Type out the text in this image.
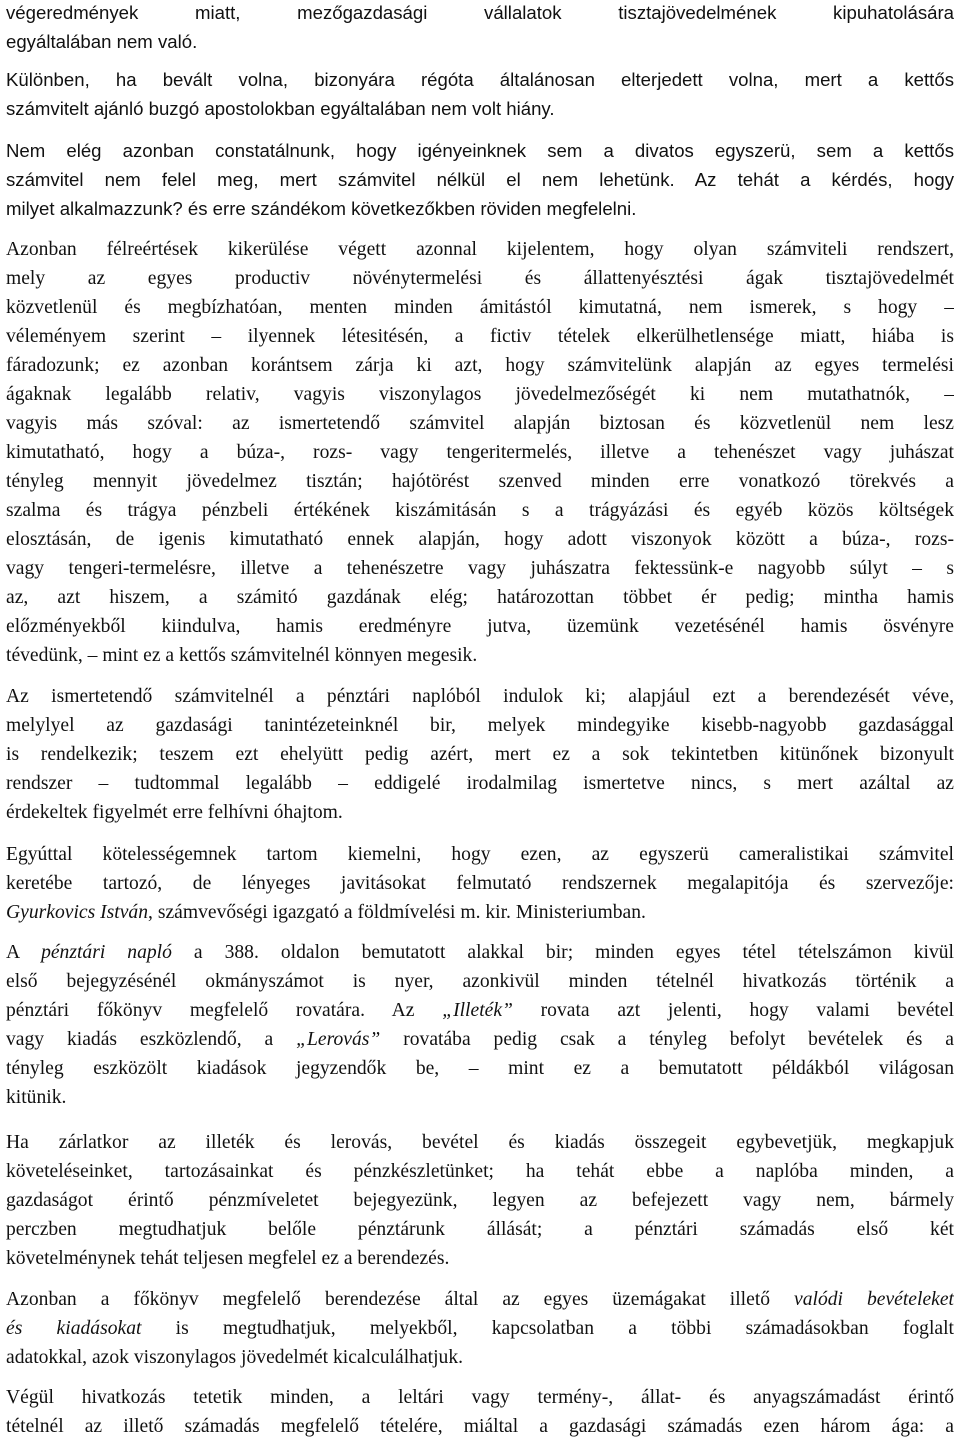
végeredmények miatt, mezőgazdasági vállalatok tisztajövedelmének kipuhatolására
egyáltalában nem való.
Különben, ha bevált volna, bizonyára régóta általánosan elterjedett volna, mert a kettős
számvitelt ajánló buzgó apostolokban egyáltalában nem volt hiány.
Nem elég azonban constatálnunk, hogy igényeinknek sem a divatos egyszerü, sem a kettős
számvitel nem felel meg, mert számvitel nélkül el nem lehetünk. Az tehát a kérdés, hogy
milyet alkalmazzunk? és erre szándékom következőkben röviden megfelelni.
Azonban félreértések kikerülése végett azonnal kijelentem, hogy olyan számviteli rendszert,
mely az egyes productiv növénytermelési és állattenyésztési ágak tisztajövedelmét
közvetlenül és megbízhatóan, menten minden ámitástól kimutatná, nem ismerek, s hogy –
véleményem szerint – ilyennek létesitésén, a fictiv tételek elkerülhetlensége miatt, hiába is
fáradozunk; ez azonban korántsem zárja ki azt, hogy számvitelünk alapján az egyes termelési
ágaknak legalább relativ, vagyis viszonylagos jövedelmezőségét ki nem mutathatnók, –
vagyis más szóval: az ismertetendő számvitel alapján biztosan és közvetlenül nem lesz
kimutatható, hogy a búza-, rozs- vagy tengeritermelés, illetve a tehenészet vagy juhászat
tényleg mennyit jövedelmez tisztán; hajótörést szenved minden erre vonatkozó törekvés a
szalma és trágya pénzbeli értékének kiszámitásán s a trágyázási és egyéb közös költségek
elosztásán, de igenis kimutatható ennek alapján, hogy adott viszonyok között a búza-, rozs-
vagy tengeri-termelésre, illetve a tehenészetre vagy juhászatra fektessünk-e nagyobb súlyt – s
az, azt hiszem, a számitó gazdának elég; határozottan többet ér pedig; mintha hamis
előzményekből kiindulva, hamis eredményre jutva, üzemünk vezetésénél hamis ösvényre
tévedünk, – mint ez a kettős számvitelnél könnyen megesik.
Az ismertetendő számvitelnél a pénztári naplóból indulok ki; alapjául ezt a berendezését véve,
melylyel az gazdasági tanintézeteinknél bir, melyek mindegyike kisebb-nagyobb gazdasággal
is rendelkezik; teszem ezt ehelyütt pedig azért, mert ez a sok tekintetben kitünőnek bizonyult
rendszer – tudtommal legalább – eddigelé irodalmilag ismertetve nincs, s mert azáltal az
érdekeltek figyelmét erre felhívni óhajtom.
Egyúttal kötelességemnek tartom kiemelni, hogy ezen, az egyszerü cameralistikai számvitel
keretébe tartozó, de lényeges javitásokat felmutató rendszernek megalapitója és szervezője:
Gyurkovics István, számvevőségi igazgató a földmívelési m. kir. Ministeriumban.
A pénztári napló a 388. oldalon bemutatott alakkal bir; minden egyes tétel tételszámon kivül
első bejegyzésénél okmányszámot is nyer, azonkivül minden tételnél hivatkozás történik a
pénztári főkönyv megfelelő rovatára. Az „Illeték” rovata azt jelenti, hogy valami bevétel
vagy kiadás eszközlendő, a „Lerovás” rovatába pedig csak a tényleg befolyt bevételek és a
tényleg eszközölt kiadások jegyzendők be, – mint ez a bemutatott példákból világosan
kitünik.
Ha zárlatkor az illeték és lerovás, bevétel és kiadás összegeit egybevetjük, megkapjuk
követeléseinket, tartozásainkat és pénzkészletünket; ha tehát ebbe a naplóba minden, a
gazdaságot érintő pénzmíveletet bejegyezünk, legyen az befejezett vagy nem, bármely
perczben megtudhatjuk belőle pénztárunk állását; a pénztári számadás első két
követelménynek tehát teljesen megfelel ez a berendezés.
Azonban a főkönyv megfelelő berendezése által az egyes üzemágakat illető valódi bevételeket
és kiadásokat is megtudhatjuk, melyekből, kapcsolatban a többi számadásokban foglalt
adatokkal, azok viszonylagos jövedelmét kicalculálhatjuk.
Végül hivatkozás tetetik minden, a leltári vagy termény-, állat- és anyagszámadást érintő
tételnél az illető számadás megfelelő tételére, miáltal a gazdasági számadás ezen három ága: a
